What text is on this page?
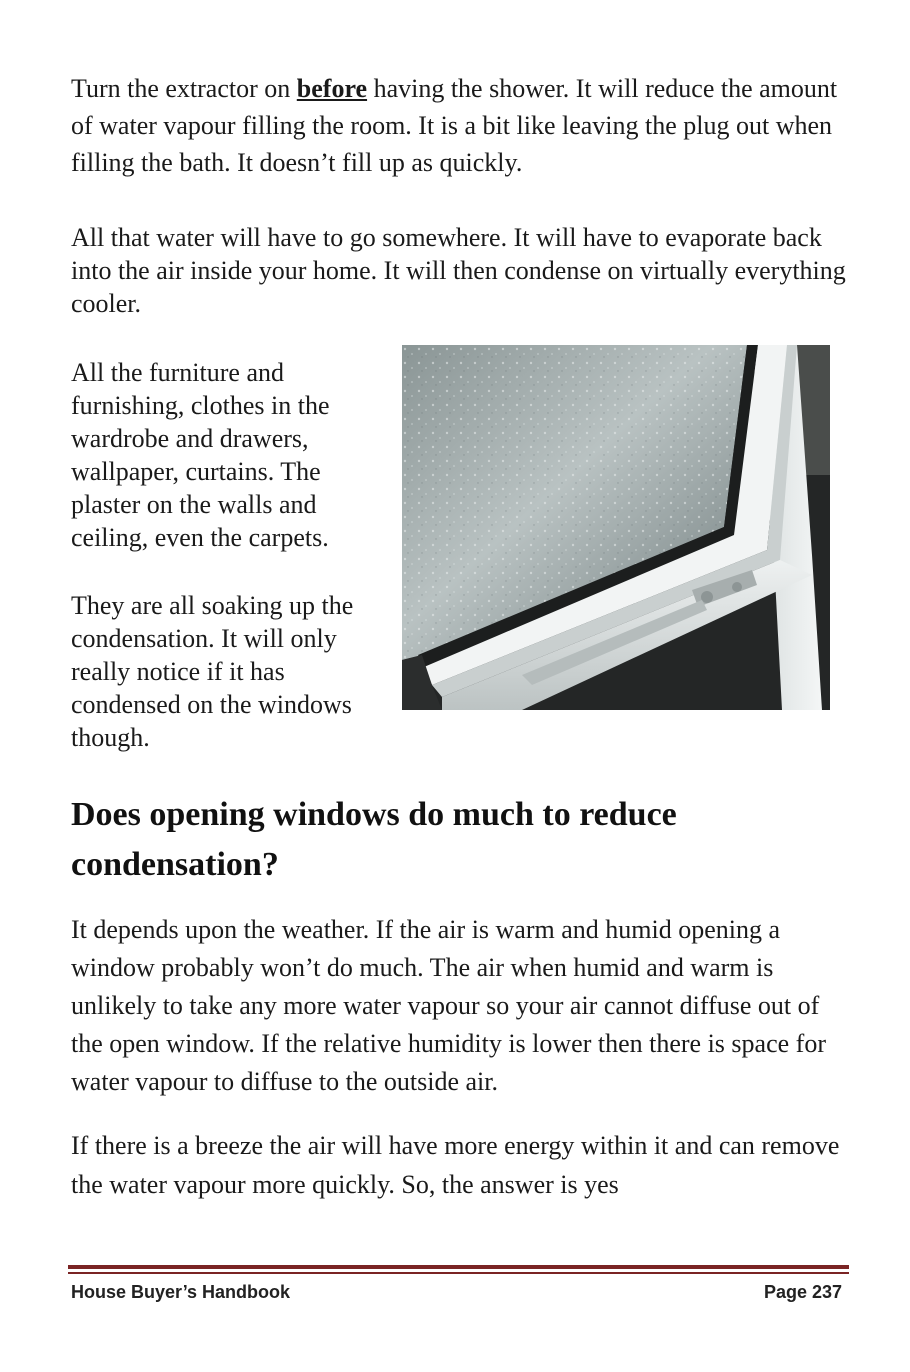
Turn the extractor on before having the shower. It will reduce the amount of water vapour filling the room. It is a bit like leaving the plug out when filling the bath. It doesn’t fill up as quickly.

All that water will have to go somewhere. It will have to evaporate back into the air inside your home. It will then condense on virtually everything cooler.

All the furniture and furnishing, clothes in the wardrobe and drawers, wallpaper, curtains. The plaster on the walls and ceiling, even the carpets.

They are all soaking up the condensation. It will only really notice if it has condensed on the windows though.

Does opening windows do much to reduce condensation?

It depends upon the weather. If the air is warm and humid opening a window probably won’t do much. The air when humid and warm is unlikely to take any more water vapour so your air cannot diffuse out of the open window. If the relative humidity is lower then there is space for water vapour to diffuse to the outside air.

If there is a breeze the air will have more energy within it and can remove the water vapour more quickly. So, the answer is yes

House Buyer’s Handbook	Page 237
